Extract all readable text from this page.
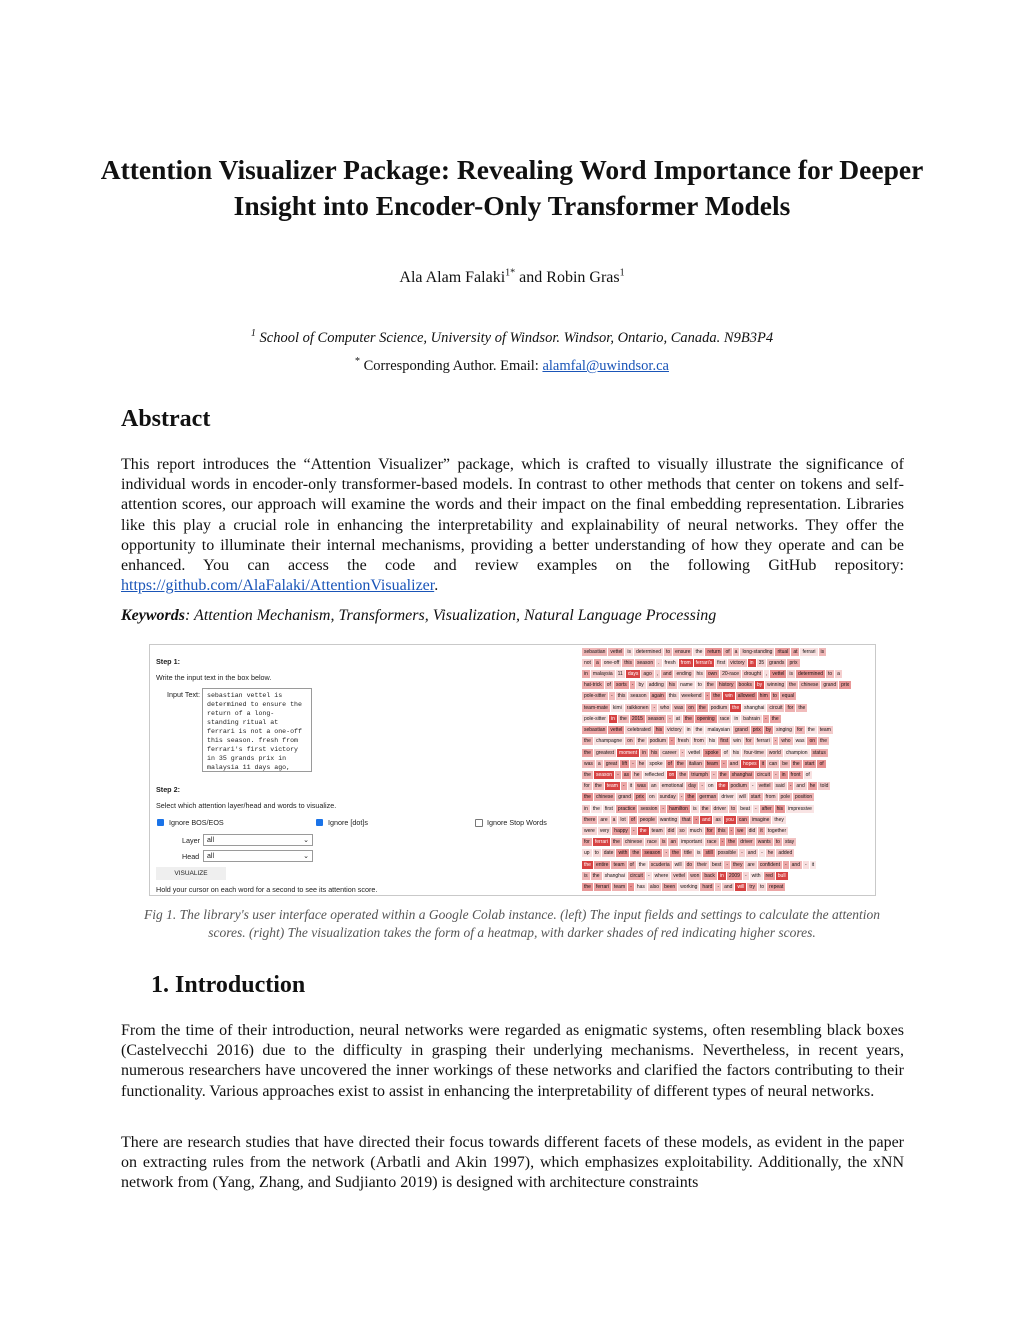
Attention Visualizer Package: Revealing Word Importance for Deeper Insight into Encoder-Only Transformer Models
Ala Alam Falaki$^{1*}$ and Robin Gras$^1$
$^1$ School of Computer Science, University of Windsor. Windsor, Ontario, Canada. N9B3P4
* Corresponding Author. Email: alamfal@uwindsor.ca
Abstract

This report introduces the “Attention Visualizer” package, which is crafted to visually illustrate the significance of individual words in encoder-only transformer-based models. In contrast to other methods that center on tokens and self-attention scores, our approach will examine the words and their impact on the final embedding representation. Libraries like this play a crucial role in enhancing the interpretability and explainability of neural networks. They offer the opportunity to illuminate their internal mechanisms, providing a better understanding of how they operate and can be enhanced. You can access the code and review examples on the following GitHub repository: https://github.com/AlaFalaki/AttentionVisualizer.

Keywords: Attention Mechanism, Transformers, Visualization, Natural Language Processing
Step 1:
Write the input text in the box below.
Input Text:	sebastian vettel is
determined to ensure the
return of a long-
standing ritual at
ferrari is not a one-off
this season. fresh from
ferrari's first victory
in 35 grands prix in
malaysia 11 days ago,

Step 2:
Select which attention layer/head and words to visualize.
Ignore BOS/EOS	Ignore [dot]s	Ignore Stop Words
Layer	all	⌄
Head	all	⌄
VISUALIZE
Hold your cursor on each word for a second to see its attention score.
sebastian vettel is determined to ensure the return of a long-standing ritual at ferrari is
not a one-off this season . fresh from ferrari's first victory in 35 grands prix
in malaysia 11 days ago , and ending his own 20-race drought , vettel is determined to a
hat-trick of sorts - by adding his name to the history books by winning the chinese grand prix
pole-sitter - this season again this weekend - the win allowed him to equal
team-mate kimi raikkonen - who was on the podium the shanghai circuit for the
pole-sitter in the 2015 season - at the opening race in bahrain - the
sebastian vettel celebrated his victory in the malaysian grand prix by singing for the team
the champagne on the podium - fresh from his first win for ferrari - who was on the
the greatest moment in his career - vettel spoke of his four-time world champion status
was a great lift - he spoke of the italian team - and hopes it can be the start of
the season - as he reflected on the triumph - the shanghai circuit - in front of
for the team - it was an emotional day - on the podium - vettel said - and he told
the chinese grand prix on sunday - the german driver will start from pole position
in the first practice session - hamilton is the driver to beat - after his impressive
there are a lot of people wanting that - and as you can imagine they
were very happy - the team did so much for this - we did it together
for ferrari the chinese race is an important race - the driver wants to stay
up to date with the season - the title is still possible - and - he added
the entire team of the scuderia will do their best - they are confident - and - it
is the shanghai circuit - where vettel won back in 2009 - with red bull
the ferrari team - has also been working hard - and will try to repeat

Fig 1. The library's user interface operated within a Google Colab instance. (left) The input fields and settings to calculate the attention scores. (right) The visualization takes the form of a heatmap, with darker shades of red indicating higher scores.

1. Introduction

From the time of their introduction, neural networks were regarded as enigmatic systems, often resembling black boxes (Castelvecchi 2016) due to the difficulty in grasping their underlying mechanisms. Nevertheless, in recent years, numerous researchers have uncovered the inner workings of these networks and clarified the factors contributing to their functionality. Various approaches exist to assist in enhancing the interpretability of different types of neural networks.

There are research studies that have directed their focus towards different facets of these models, as evident in the paper on extracting rules from the network (Arbatli and Akin 1997), which emphasizes exploitability. Additionally, the xNN network from (Yang, Zhang, and Sudjianto 2019) is designed with architecture constraints
